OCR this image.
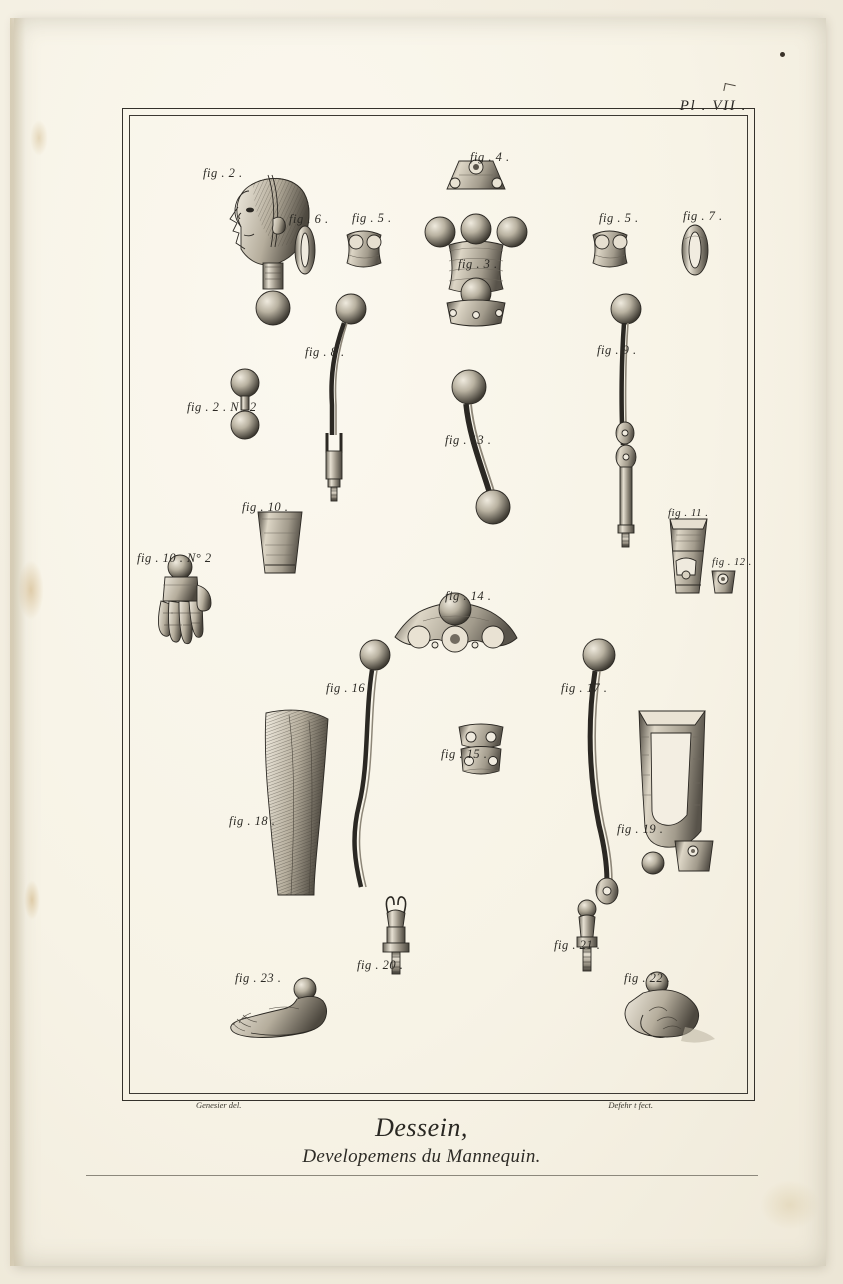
Pl . VII .
fig . 2 .
fig . 2 . N . 2
fig . 4 .
fig . 6 . fig . 5 .
fig . 3 .
fig . 5 .	fig . 7 .
fig . 8 .	fig . 9 .
fig . 13 .
fig . 10 .
fig . 10 . N° 2
fig . 11 .
fig . 12 .
fig . 14 .
fig . 16 .	fig . 17 .
fig . 15 .
fig . 18 .
fig . 19 .
fig . 20 .
fig . 21 .
fig . 22 .
fig . 23 .
Genesier del.	Defehr t fect.
Dessein,
Developemens du Mannequin.
